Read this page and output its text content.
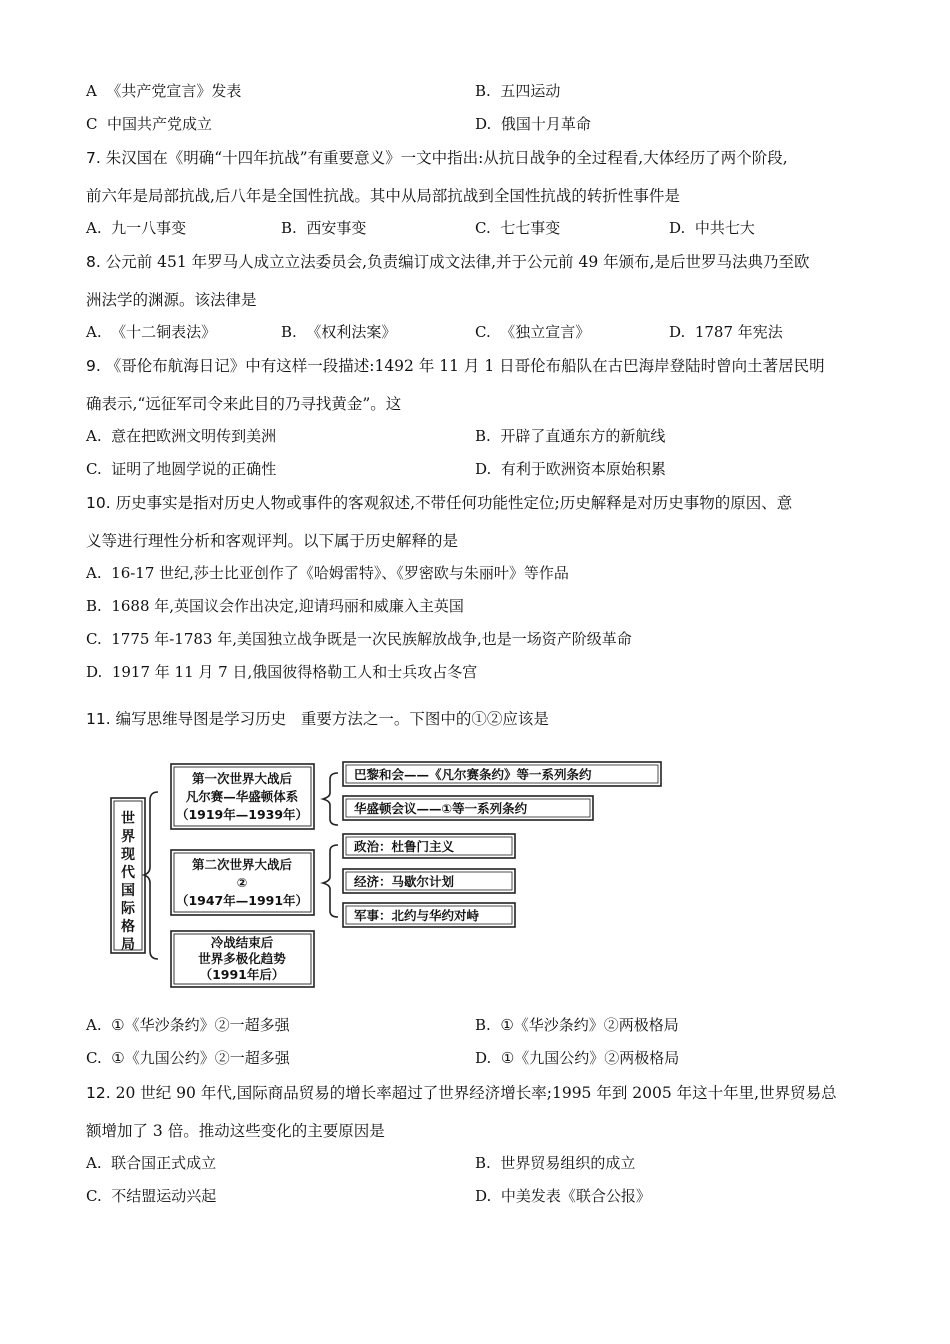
A 《共产党宣言》发表	B. 五四运动
C 中国共产党成立	D. 俄国十月革命
7. 朱汉国在《明确“十四年抗战”有重要意义》一文中指出:从抗日战争的全过程看,大体经历了两个阶段,
前六年是局部抗战,后八年是全国性抗战。其中从局部抗战到全国性抗战的转折性事件是
A. 九一八事变	B. 西安事变	C. 七七事变	D. 中共七大
8. 公元前 451 年罗马人成立立法委员会,负责编订成文法律,并于公元前 49 年颁布,是后世罗马法典乃至欧
洲法学的渊源。该法律是
A. 《十二铜表法》	B. 《权利法案》	C. 《独立宣言》	D. 1787 年宪法
9. 《哥伦布航海日记》中有这样一段描述:1492 年 11 月 1 日哥伦布船队在古巴海岸登陆时曾向土著居民明
确表示,“远征军司令来此目的乃寻找黄金”。这
A. 意在把欧洲文明传到美洲	B. 开辟了直通东方的新航线
C. 证明了地圆学说的正确性	D. 有利于欧洲资本原始积累
10. 历史事实是指对历史人物或事件的客观叙述,不带任何功能性定位;历史解释是对历史事物的原因、意
义等进行理性分析和客观评判。以下属于历史解释的是
A. 16-17 世纪,莎士比亚创作了《哈姆雷特》、《罗密欧与朱丽叶》等作品
B. 1688 年,英国议会作出决定,迎请玛丽和威廉入主英国
C. 1775 年-1783 年,美国独立战争既是一次民族解放战争,也是一场资产阶级革命
D. 1917 年 11 月 7 日,俄国彼得格勒工人和士兵攻占冬宫
11. 编写思维导图是学习历史   重要方法之一。下图中的①②应该是
世
界
现
代
国
际
格
局
第一次世界大战后
凡尔赛—华盛顿体系
（1919年—1939年）
第二次世界大战后
②
（1947年—1991年）
冷战结束后
世界多极化趋势
（1991年后）
巴黎和会——《凡尔赛条约》等一系列条约
华盛顿会议——①等一系列条约
政治：杜鲁门主义
经济：马歇尔计划
军事：北约与华约对峙
A. ①《华沙条约》②一超多强	B. ①《华沙条约》②两极格局
C. ①《九国公约》②一超多强	D. ①《九国公约》②两极格局
12. 20 世纪 90 年代,国际商品贸易的增长率超过了世界经济增长率;1995 年到 2005 年这十年里,世界贸易总
额增加了 3 倍。推动这些变化的主要原因是
A. 联合国正式成立	B. 世界贸易组织的成立
C. 不结盟运动兴起	D. 中美发表《联合公报》
